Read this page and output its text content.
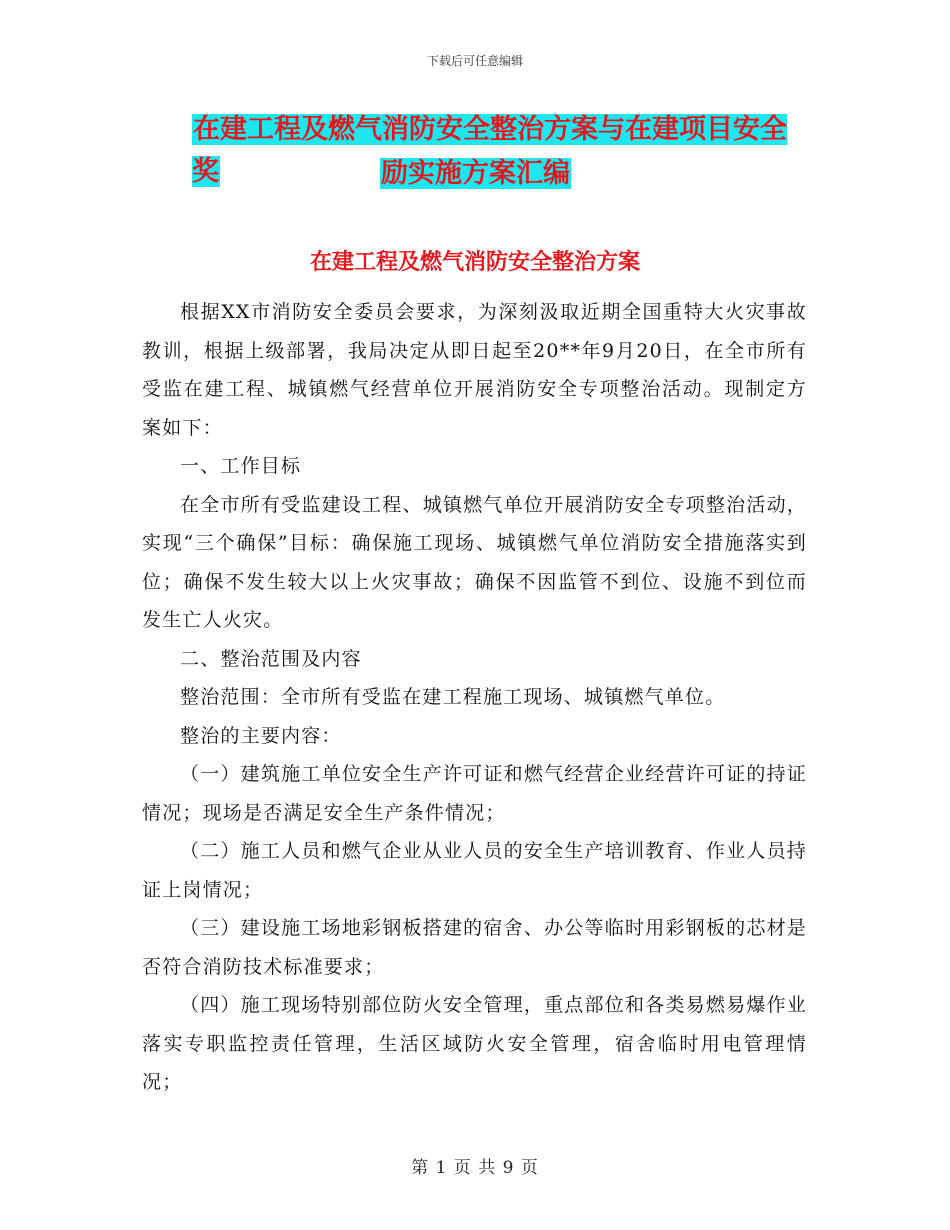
下载后可任意编辑
在建工程及燃气消防安全整治方案与在建项目安全奖	励实施方案汇编
在建工程及燃气消防安全整治方案

根据XX市消防安全委员会要求，为深刻汲取近期全国重特大火灾事故教训，根据上级部署，我局决定从即日起至20**年9月20日，在全市所有受监在建工程、城镇燃气经营单位开展消防安全专项整治活动。现制定方案如下：

一、工作目标

在全市所有受监建设工程、城镇燃气单位开展消防安全专项整治活动，实现“三个确保”目标：确保施工现场、城镇燃气单位消防安全措施落实到位；确保不发生较大以上火灾事故；确保不因监管不到位、设施不到位而发生亡人火灾。

二、整治范围及内容

整治范围：全市所有受监在建工程施工现场、城镇燃气单位。

整治的主要内容：

（一）建筑施工单位安全生产许可证和燃气经营企业经营许可证的持证情况；现场是否满足安全生产条件情况；

（二）施工人员和燃气企业从业人员的安全生产培训教育、作业人员持证上岗情况；

（三）建设施工场地彩钢板搭建的宿舍、办公等临时用彩钢板的芯材是否符合消防技术标准要求；

（四）施工现场特别部位防火安全管理，重点部位和各类易燃易爆作业落实专职监控责任管理，生活区域防火安全管理，宿舍临时用电管理情况；

第 1 页 共 9 页
